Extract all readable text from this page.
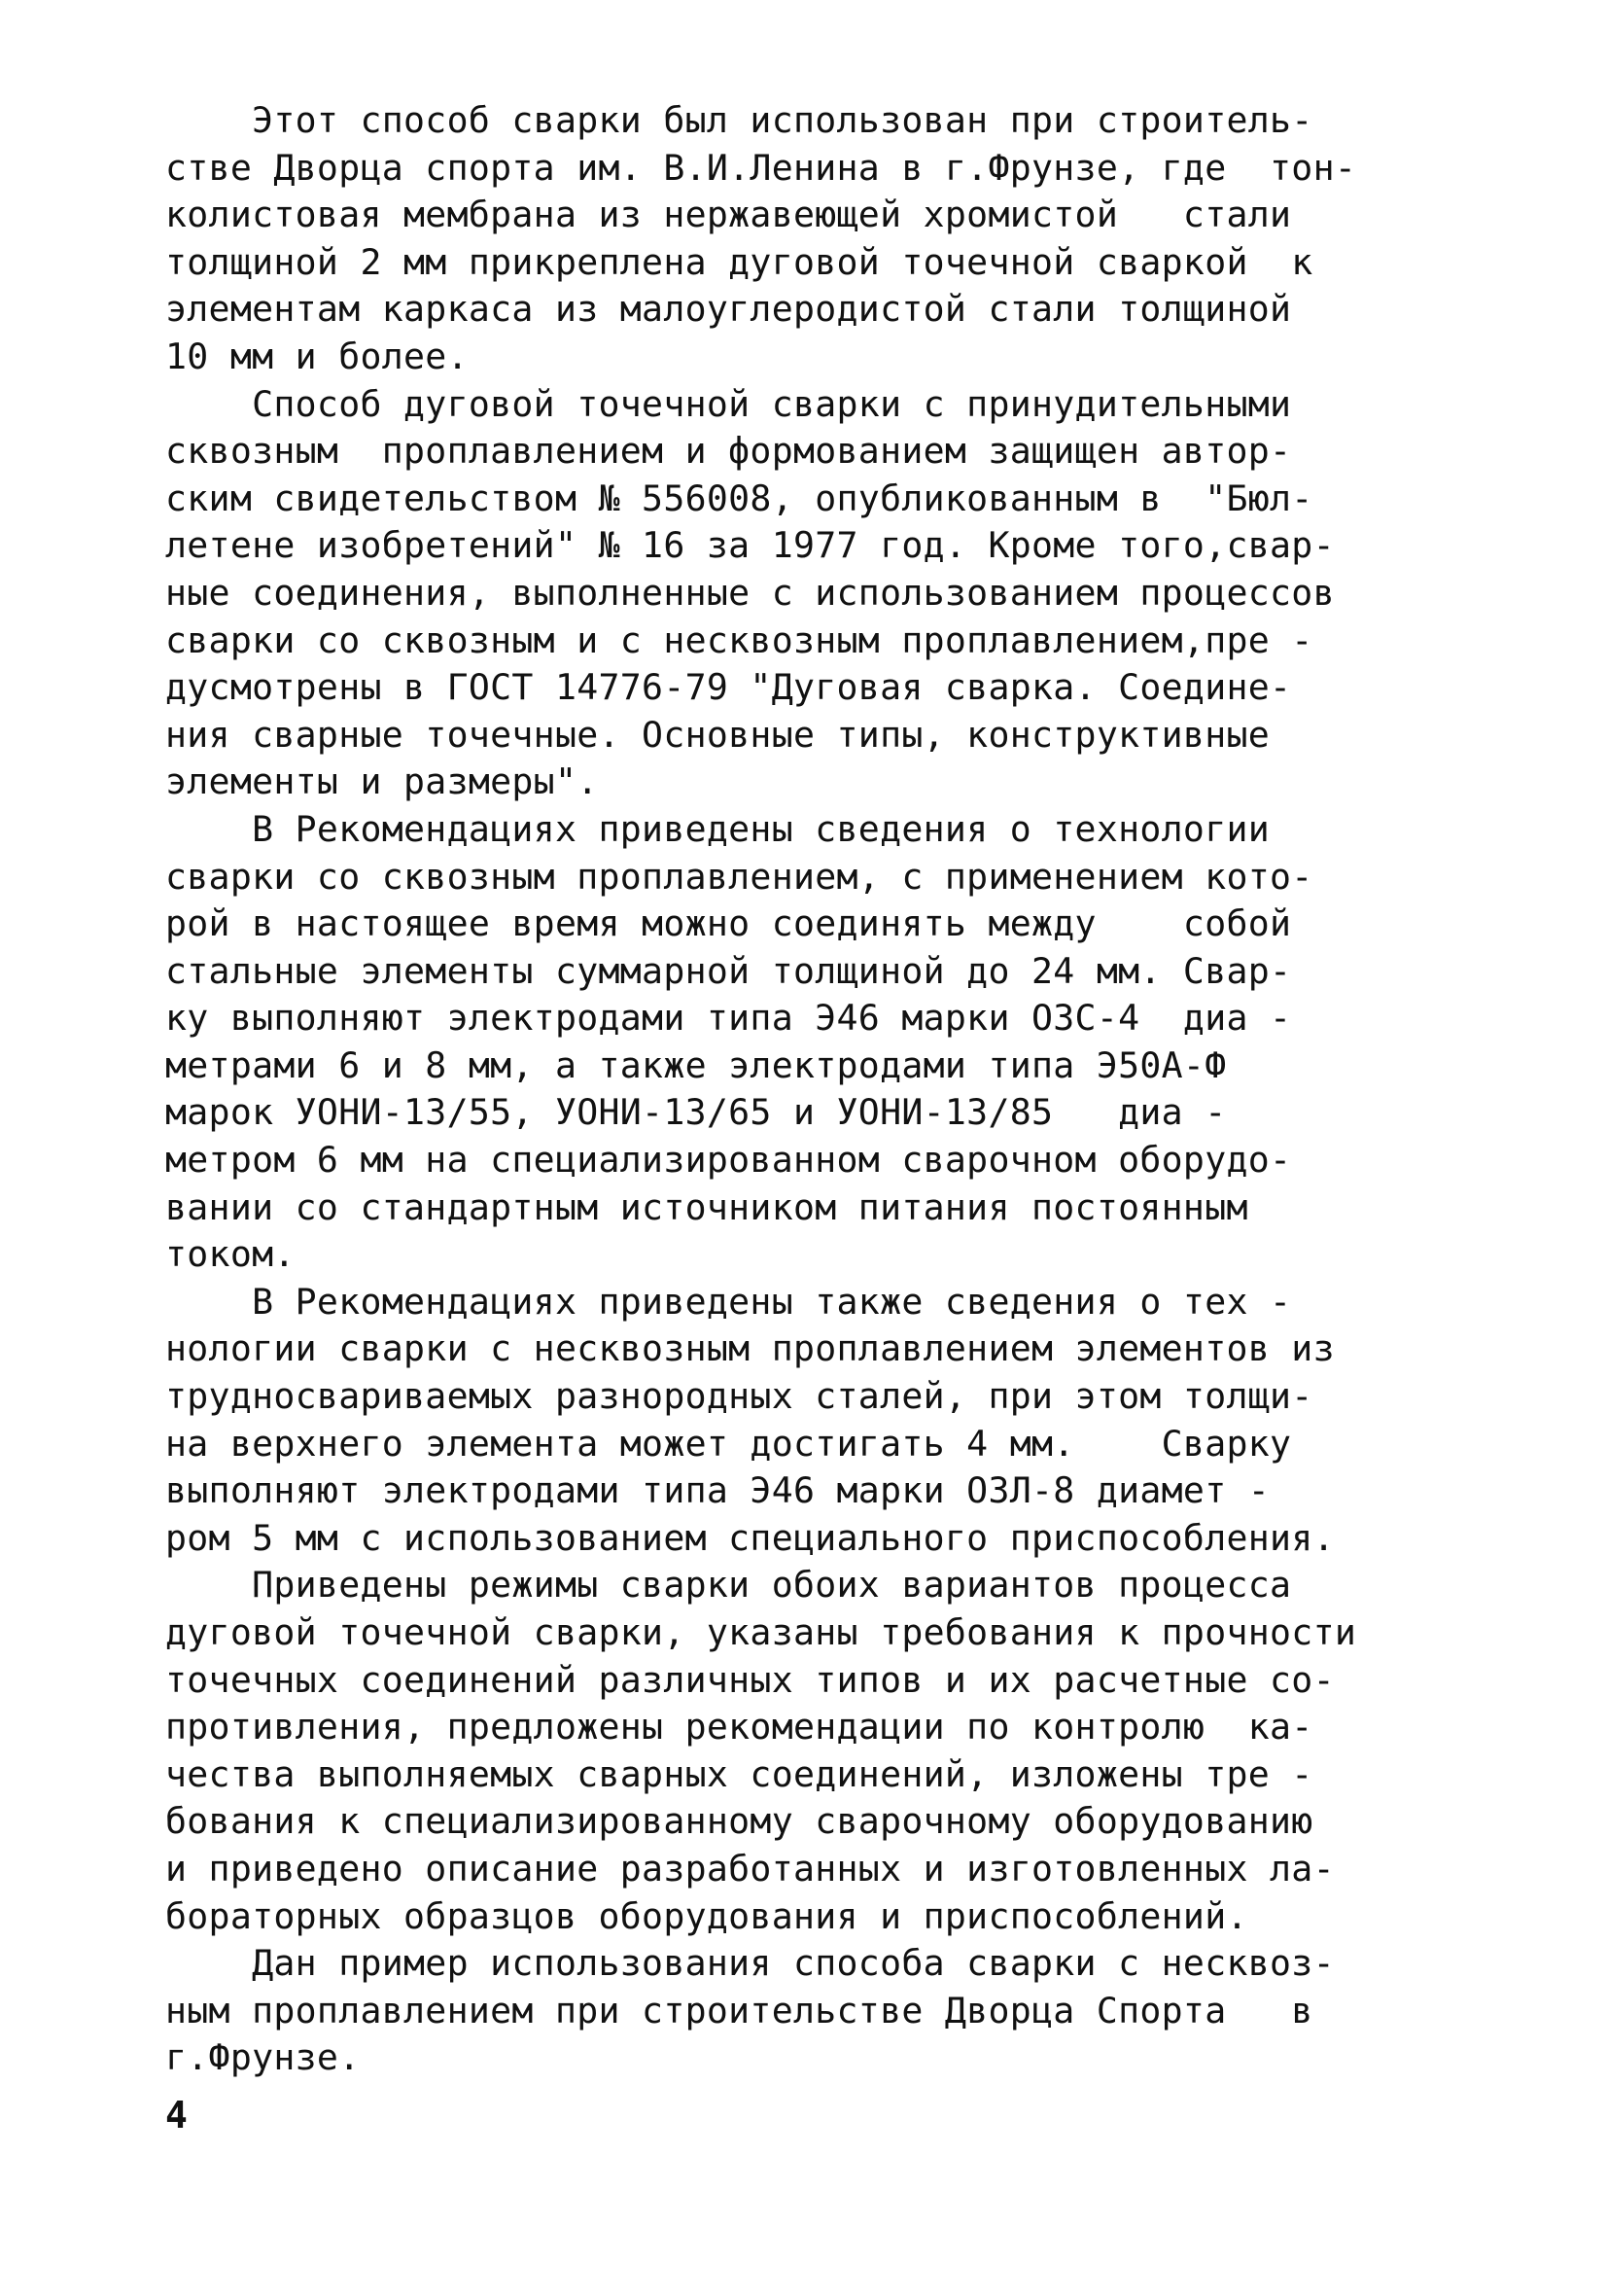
Этот способ сварки был использован при строитель-
стве Дворца спорта им. В.И.Ленина в г.Фрунзе, где  тон-
колистовая мембрана из нержавеющей хромистой   стали
толщиной 2 мм прикреплена дуговой точечной сваркой  к
элементам каркаса из малоуглеродистой стали толщиной
10 мм и более.
Способ дуговой точечной сварки с принудительными
сквозным  проплавлением и формованием защищен автор-
ским свидетельством № 556008, опубликованным в  "Бюл-
летене изобретений" № 16 за 1977 год. Кроме того,свар-
ные соединения, выполненные с использованием процессов
сварки со сквозным и с несквозным проплавлением,пре -
дусмотрены в ГОСТ 14776-79 "Дуговая сварка. Соедине-
ния сварные точечные. Основные типы, конструктивные
элементы и размеры".
В Рекомендациях приведены сведения о технологии
сварки со сквозным проплавлением, с применением кото-
рой в настоящее время можно соединять между    собой
стальные элементы суммарной толщиной до 24 мм. Свар-
ку выполняют электродами типа Э46 марки ОЗС-4  диа -
метрами 6 и 8 мм, а также электродами типа Э50А-Ф
марок УОНИ-13/55, УОНИ-13/65 и УОНИ-13/85   диа -
метром 6 мм на специализированном сварочном оборудо-
вании со стандартным источником питания постоянным
током.
В Рекомендациях приведены также сведения о тех -
нологии сварки с несквозным проплавлением элементов из
трудносвариваемых разнородных сталей, при этом толщи-
на верхнего элемента может достигать 4 мм.    Сварку
выполняют электродами типа Э46 марки ОЗЛ-8 диамет -
ром 5 мм с использованием специального приспособления.
Приведены режимы сварки обоих вариантов процесса
дуговой точечной сварки, указаны требования к прочности
точечных соединений различных типов и их расчетные со-
противления, предложены рекомендации по контролю  ка-
чества выполняемых сварных соединений, изложены тре -
бования к специализированному сварочному оборудованию
и приведено описание разработанных и изготовленных ла-
бораторных образцов оборудования и приспособлений.
Дан пример использования способа сварки с несквоз-
ным проплавлением при строительстве Дворца Спорта   в
г.Фрунзе.
4
